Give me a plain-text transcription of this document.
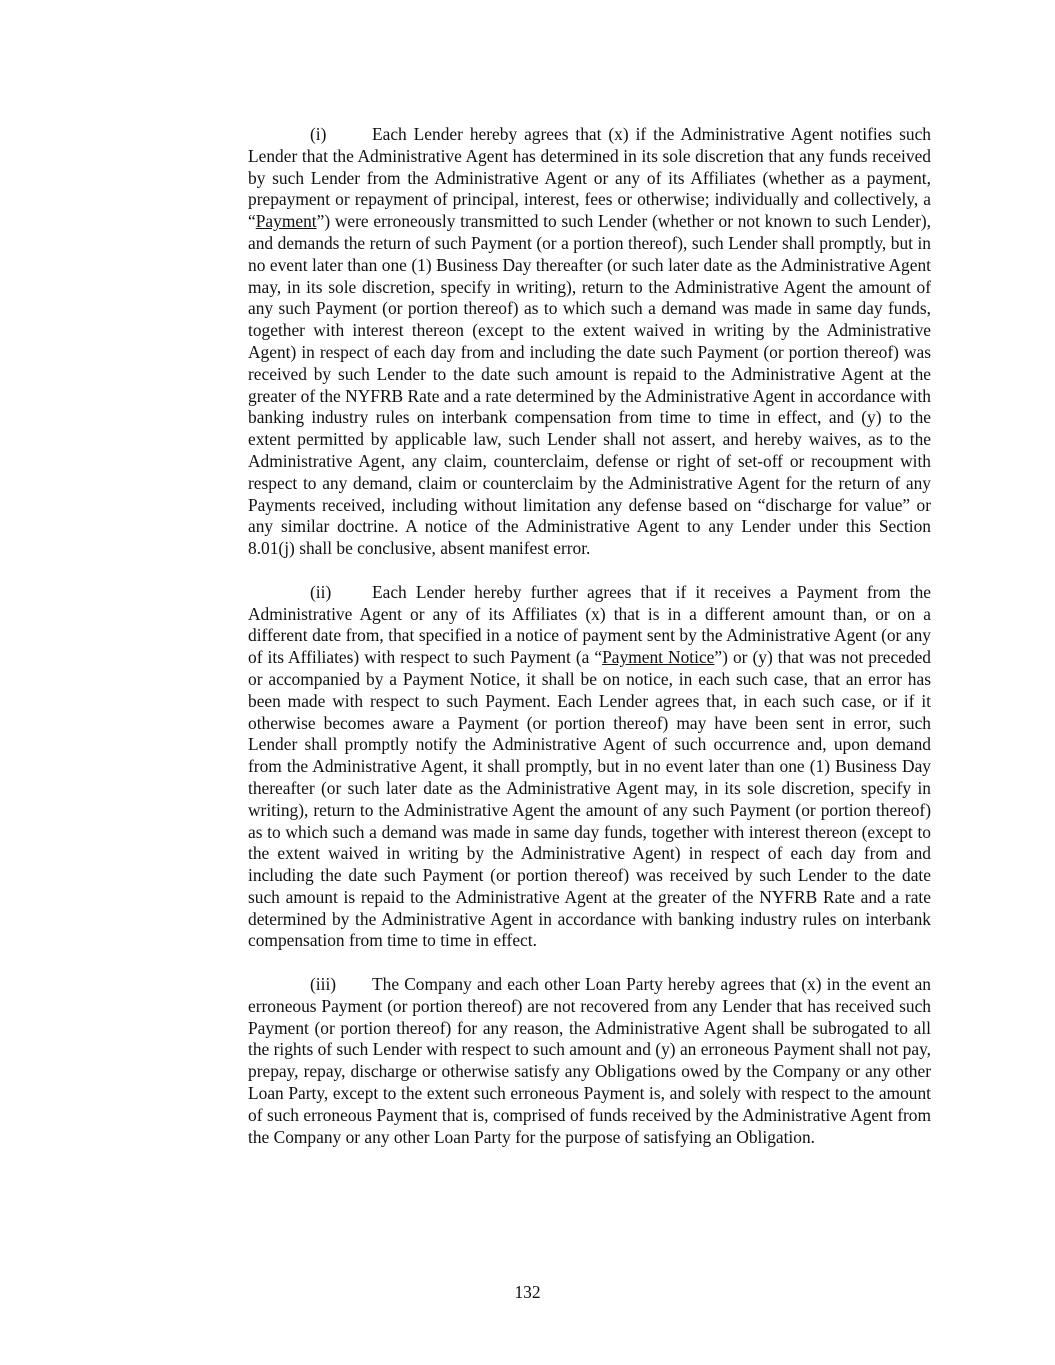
(i)	Each Lender hereby agrees that (x) if the Administrative Agent notifies such Lender that the Administrative Agent has determined in its sole discretion that any funds received by such Lender from the Administrative Agent or any of its Affiliates (whether as a payment, prepayment or repayment of principal, interest, fees or otherwise; individually and collectively, a “Payment”) were erroneously transmitted to such Lender (whether or not known to such Lender), and demands the return of such Payment (or a portion thereof), such Lender shall promptly, but in no event later than one (1) Business Day thereafter (or such later date as the Administrative Agent may, in its sole discretion, specify in writing), return to the Administrative Agent the amount of any such Payment (or portion thereof) as to which such a demand was made in same day funds, together with interest thereon (except to the extent waived in writing by the Administrative Agent) in respect of each day from and including the date such Payment (or portion thereof) was received by such Lender to the date such amount is repaid to the Administrative Agent at the greater of the NYFRB Rate and a rate determined by the Administrative Agent in accordance with banking industry rules on interbank compensation from time to time in effect, and (y) to the extent permitted by applicable law, such Lender shall not assert, and hereby waives, as to the Administrative Agent, any claim, counterclaim, defense or right of set-off or recoupment with respect to any demand, claim or counterclaim by the Administrative Agent for the return of any Payments received, including without limitation any defense based on “discharge for value” or any similar doctrine. A notice of the Administrative Agent to any Lender under this Section 8.01(j) shall be conclusive, absent manifest error.

(ii) Each Lender hereby further agrees that if it receives a Payment from the Administrative Agent or any of its Affiliates (x) that is in a different amount than, or on a different date from, that specified in a notice of payment sent by the Administrative Agent (or any of its Affiliates) with respect to such Payment (a “Payment Notice”) or (y) that was not preceded or accompanied by a Payment Notice, it shall be on notice, in each such case, that an error has been made with respect to such Payment. Each Lender agrees that, in each such case, or if it otherwise becomes aware a Payment (or portion thereof) may have been sent in error, such Lender shall promptly notify the Administrative Agent of such occurrence and, upon demand from the Administrative Agent, it shall promptly, but in no event later than one (1) Business Day thereafter (or such later date as the Administrative Agent may, in its sole discretion, specify in writing), return to the Administrative Agent the amount of any such Payment (or portion thereof) as to which such a demand was made in same day funds, together with interest thereon (except to the extent waived in writing by the Administrative Agent) in respect of each day from and including the date such Payment (or portion thereof) was received by such Lender to the date such amount is repaid to the Administrative Agent at the greater of the NYFRB Rate and a rate determined by the Administrative Agent in accordance with banking industry rules on interbank compensation from time to time in effect.

(iii) The Company and each other Loan Party hereby agrees that (x) in the event an erroneous Payment (or portion thereof) are not recovered from any Lender that has received such Payment (or portion thereof) for any reason, the Administrative Agent shall be subrogated to all the rights of such Lender with respect to such amount and (y) an erroneous Payment shall not pay, prepay, repay, discharge or otherwise satisfy any Obligations owed by the Company or any other Loan Party, except to the extent such erroneous Payment is, and solely with respect to the amount of such erroneous Payment that is, comprised of funds received by the Administrative Agent from the Company or any other Loan Party for the purpose of satisfying an Obligation.

132
